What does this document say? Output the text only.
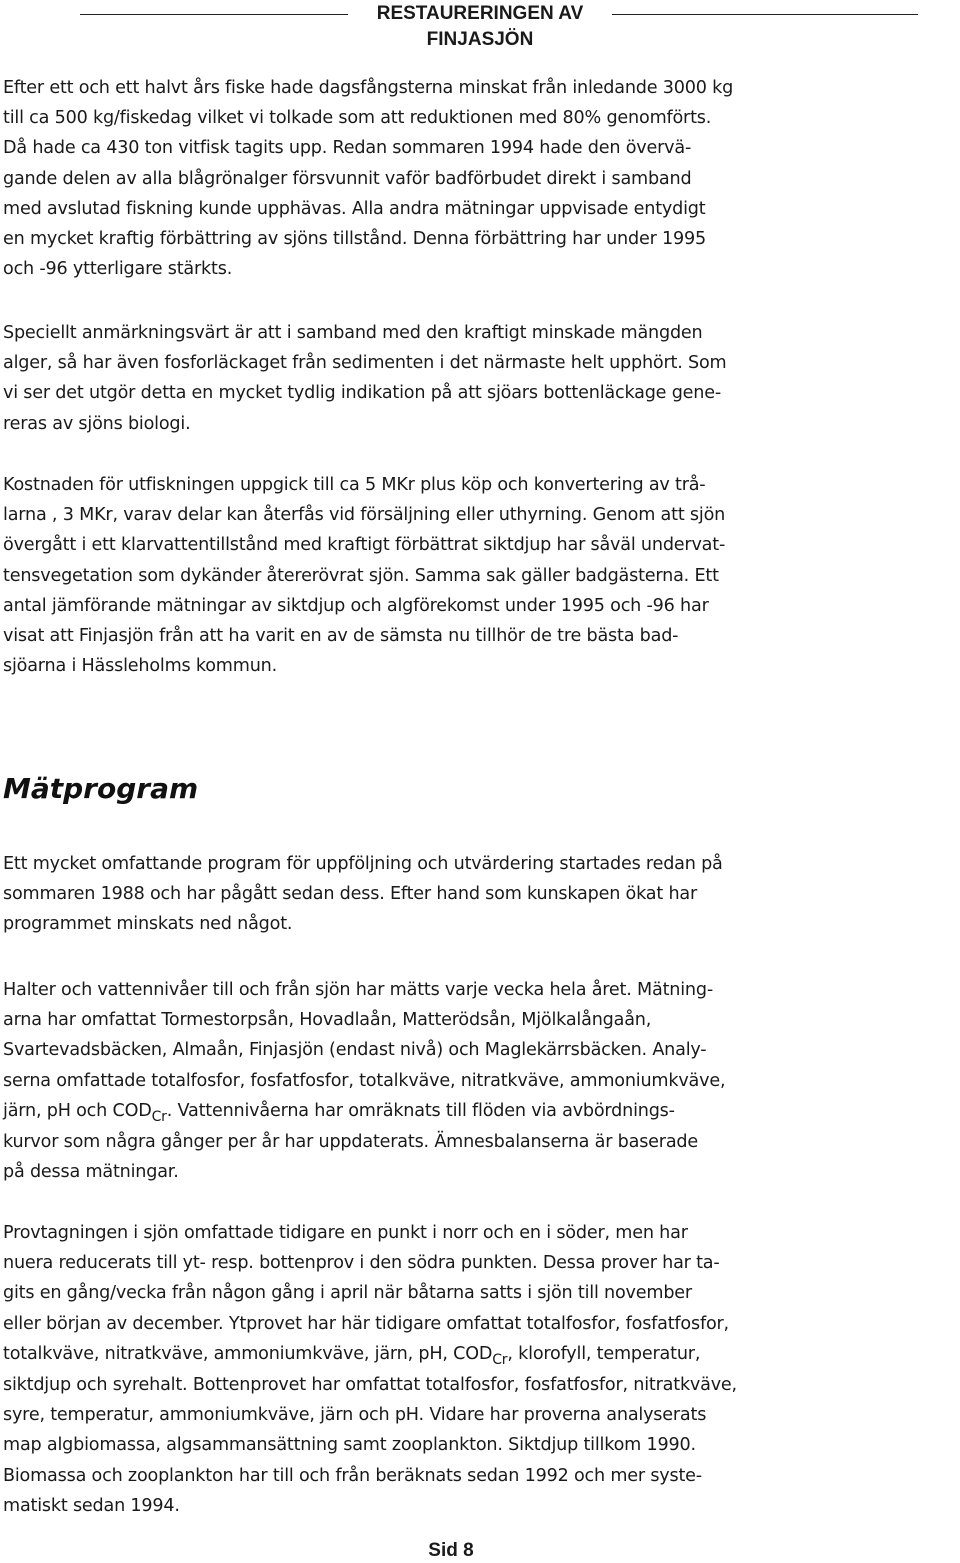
RESTAURERINGEN AV
FINJASJÖN

Efter ett och ett halvt års fiske hade dagsfångsterna minskat från inledande 3000 kg
till ca 500 kg/fiskedag vilket vi tolkade som att reduktionen med 80% genomförts.
Då hade ca 430 ton vitfisk tagits upp. Redan sommaren 1994 hade den övervä-
gande delen av alla blågrönalger försvunnit vaför badförbudet direkt i samband
med avslutad fiskning kunde upphävas. Alla andra mätningar uppvisade entydigt
en mycket kraftig förbättring av sjöns tillstånd. Denna förbättring har under 1995
och -96 ytterligare stärkts.

Speciellt anmärkningsvärt är att i samband med den kraftigt minskade mängden
alger, så har även fosforläckaget från sedimenten i det närmaste helt upphört. Som
vi ser det utgör detta en mycket tydlig indikation på att sjöars bottenläckage gene-
reras av sjöns biologi.

Kostnaden för utfiskningen uppgick till ca 5 MKr plus köp och konvertering av trå-
larna , 3 MKr, varav delar kan återfås vid försäljning eller uthyrning. Genom att sjön
övergått i ett klarvattentillstånd med kraftigt förbättrat siktdjup har såväl undervat-
tensvegetation som dykänder återerövrat sjön. Samma sak gäller badgästerna. Ett
antal jämförande mätningar av siktdjup och algförekomst under 1995 och -96 har
visat att Finjasjön från att ha varit en av de sämsta nu tillhör de tre bästa bad-
sjöarna i Hässleholms kommun.

Ett mycket omfattande program för uppföljning och utvärdering startades redan på
sommaren 1988 och har pågått sedan dess. Efter hand som kunskapen ökat har
programmet minskats ned något.

Halter och vattennivåer till och från sjön har mätts varje vecka hela året. Mätning-
arna har omfattat Tormestorpsån, Hovadlaån, Matterödsån, Mjölkalångaån,
Svartevadsbäcken, Almaån, Finjasjön (endast nivå) och Maglekärrsbäcken. Analy-
serna omfattade totalfosfor, fosfatfosfor, totalkväve, nitratkväve, ammoniumkväve,
järn, pH och $COD_{Cr}$. Vattennivåerna har omräknats till flöden via avbördnings-
kurvor som några gånger per år har uppdaterats. Ämnesbalanserna är baserade
på dessa mätningar.

Provtagningen i sjön omfattade tidigare en punkt i norr och en i söder, men har
nuera reducerats till yt- resp. bottenprov i den södra punkten. Dessa prover har ta-
gits en gång/vecka från någon gång i april när båtarna satts i sjön till november
eller början av december. Ytprovet har här tidigare omfattat totalfosfor, fosfatfosfor,
totalkväve, nitratkväve, ammoniumkväve, järn, pH, $COD_{Cr}$, klorofyll, temperatur,
siktdjup och syrehalt. Bottenprovet har omfattat totalfosfor, fosfatfosfor, nitratkväve,
syre, temperatur, ammoniumkväve, järn och pH. Vidare har proverna analyserats
map algbiomassa, algsammansättning samt zooplankton. Siktdjup tillkom 1990.
Biomassa och zooplankton har till och från beräknats sedan 1992 och mer syste-
matiskt sedan 1994.

Mätprogram
Sid 8
